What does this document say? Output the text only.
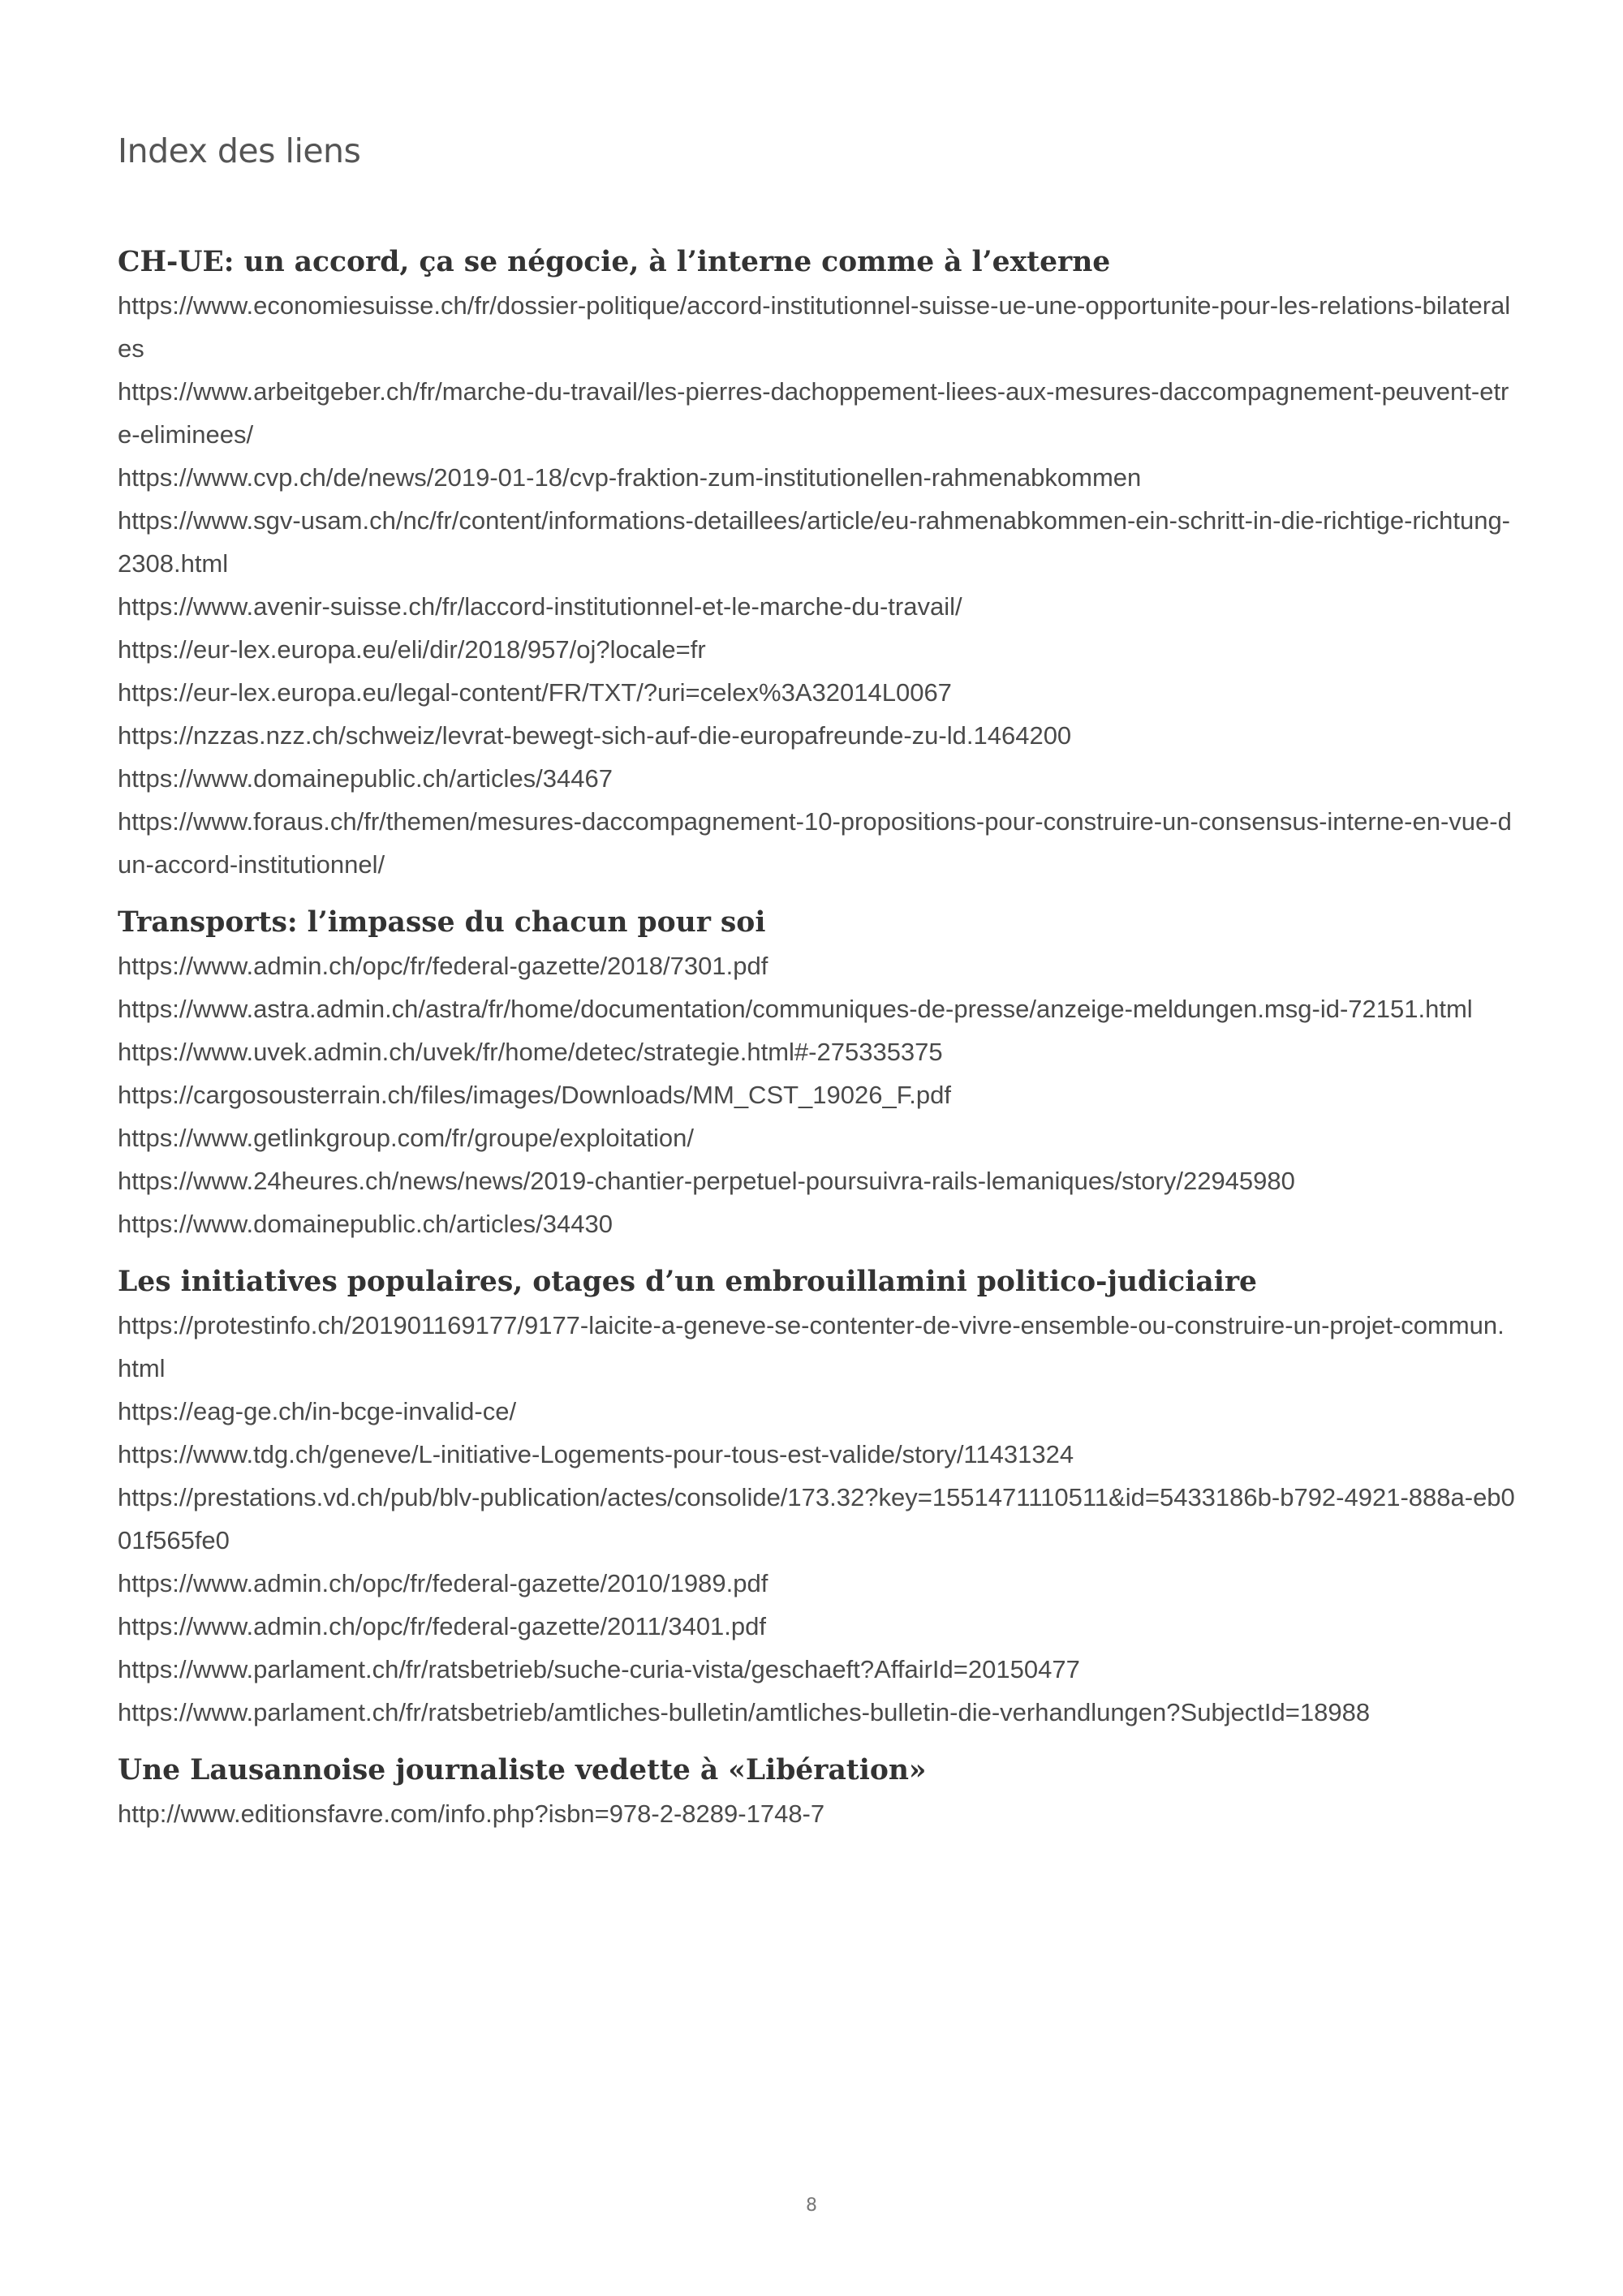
Index des liens
CH-UE: un accord, ça se négocie, à l’interne comme à l’externe
https://www.economiesuisse.ch/fr/dossier-politique/accord-institutionnel-suisse-ue-une-opportunite-pour-les-relations-bilaterales
https://www.arbeitgeber.ch/fr/marche-du-travail/les-pierres-dachoppement-liees-aux-mesures-daccompagnement-peuvent-etre-eliminees/
https://www.cvp.ch/de/news/2019-01-18/cvp-fraktion-zum-institutionellen-rahmenabkommen
https://www.sgv-usam.ch/nc/fr/content/informations-detaillees/article/eu-rahmenabkommen-ein-schritt-in-die-richtige-richtung-2308.html
https://www.avenir-suisse.ch/fr/laccord-institutionnel-et-le-marche-du-travail/
https://eur-lex.europa.eu/eli/dir/2018/957/oj?locale=fr
https://eur-lex.europa.eu/legal-content/FR/TXT/?uri=celex%3A32014L0067
https://nzzas.nzz.ch/schweiz/levrat-bewegt-sich-auf-die-europafreunde-zu-ld.1464200
https://www.domainepublic.ch/articles/34467
https://www.foraus.ch/fr/themen/mesures-daccompagnement-10-propositions-pour-construire-un-consensus-interne-en-vue-dun-accord-institutionnel/
Transports: l’impasse du chacun pour soi
https://www.admin.ch/opc/fr/federal-gazette/2018/7301.pdf
https://www.astra.admin.ch/astra/fr/home/documentation/communiques-de-presse/anzeige-meldungen.msg-id-72151.html
https://www.uvek.admin.ch/uvek/fr/home/detec/strategie.html#-275335375
https://cargosousterrain.ch/files/images/Downloads/MM_CST_19026_F.pdf
https://www.getlinkgroup.com/fr/groupe/exploitation/
https://www.24heures.ch/news/news/2019-chantier-perpetuel-poursuivra-rails-lemaniques/story/22945980
https://www.domainepublic.ch/articles/34430
Les initiatives populaires, otages d’un embrouillamini politico-judiciaire
https://protestinfo.ch/201901169177/9177-laicite-a-geneve-se-contenter-de-vivre-ensemble-ou-construire-un-projet-commun.html
https://eag-ge.ch/in-bcge-invalid-ce/
https://www.tdg.ch/geneve/L-initiative-Logements-pour-tous-est-valide/story/11431324
https://prestations.vd.ch/pub/blv-publication/actes/consolide/173.32?key=1551471110511&id=5433186b-b792-4921-888a-eb001f565fe0
https://www.admin.ch/opc/fr/federal-gazette/2010/1989.pdf
https://www.admin.ch/opc/fr/federal-gazette/2011/3401.pdf
https://www.parlament.ch/fr/ratsbetrieb/suche-curia-vista/geschaeft?AffairId=20150477
https://www.parlament.ch/fr/ratsbetrieb/amtliches-bulletin/amtliches-bulletin-die-verhandlungen?SubjectId=18988
Une Lausannoise journaliste vedette à «Libération»
http://www.editionsfavre.com/info.php?isbn=978-2-8289-1748-7
8
